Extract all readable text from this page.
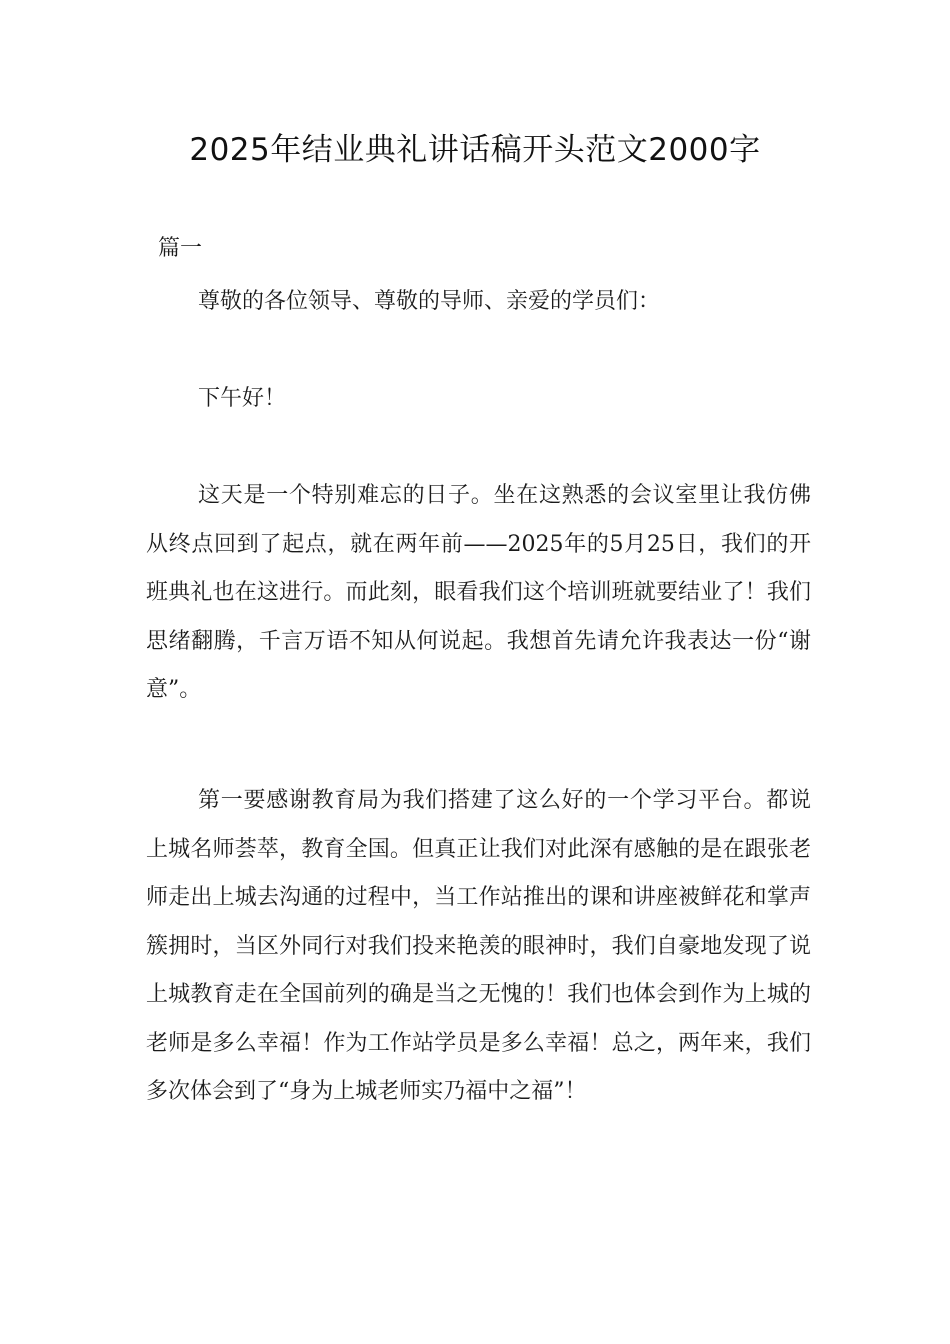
2025年结业典礼讲话稿开头范文2000字
篇一

尊敬的各位领导、尊敬的导师、亲爱的学员们：

下午好！

这天是一个特别难忘的日子。坐在这熟悉的会议室里让我仿佛从终点回到了起点，就在两年前——2025年的5月25日，我们的开班典礼也在这进行。而此刻，眼看我们这个培训班就要结业了！我们思绪翻腾，千言万语不知从何说起。我想首先请允许我表达一份“谢意”。

第一要感谢教育局为我们搭建了这么好的一个学习平台。都说上城名师荟萃，教育全国。但真正让我们对此深有感触的是在跟张老师走出上城去沟通的过程中，当工作站推出的课和讲座被鲜花和掌声簇拥时，当区外同行对我们投来艳羡的眼神时，我们自豪地发现了说上城教育走在全国前列的确是当之无愧的！我们也体会到作为上城的老师是多么幸福！作为工作站学员是多么幸福！总之，两年来，我们多次体会到了“身为上城老师实乃福中之福”！
